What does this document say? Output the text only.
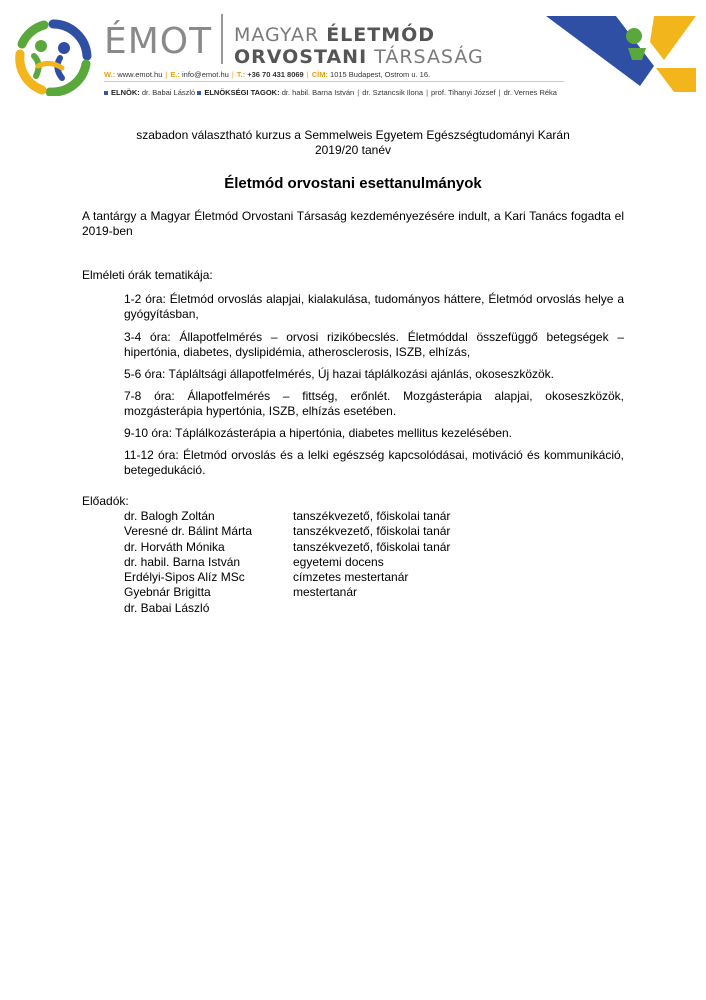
ÉMOT MAGYAR ÉLETMÓD
ORVOSTANI TÁRSASÁG
W.: www.emot.hu | E.: info@emot.hu | T.: +36 70 431 8069 | CÍM: 1015 Budapest, Ostrom u. 16.
ELNÖK: dr. Babai László ELNÖKSÉGI TAGOK: dr. habil. Barna István | dr. Sztancsik Ilona | prof. Tihanyi József | dr. Vernes Réka
szabadon választható kurzus a Semmelweis Egyetem Egészségtudományi Karán
2019/20 tanév
Életmód orvostani esettanulmányok
A tantárgy a Magyar Életmód Orvostani Társaság kezdeményezésére indult, a Kari Tanács fogadta el 2019-ben
Elméleti órák tematikája:
1-2 óra: Életmód orvoslás alapjai, kialakulása, tudományos háttere, Életmód orvoslás helye a gyógyításban,
3-4 óra: Állapotfelmérés – orvosi rizikóbecslés. Életmóddal összefüggő betegségek – hipertónia, diabetes, dyslipidémia, atherosclerosis, ISZB, elhízás,
5-6 óra: Tápláltsági állapotfelmérés, Új hazai táplálkozási ajánlás, okoseszközök.
7-8 óra: Állapotfelmérés – fittség, erőnlét. Mozgásterápia alapjai, okoseszközök, mozgásterápia hypertónia, ISZB, elhízás esetében.
9-10 óra: Táplálkozásterápia a hipertónia, diabetes mellitus kezelésében.
11-12 óra: Életmód orvoslás és a lelki egészség kapcsolódásai, motiváció és kommunikáció, betegedukáció.
Előadók:
dr. Balogh Zoltán	tanszékvezető, főiskolai tanár
Veresné dr. Bálint Márta	tanszékvezető, főiskolai tanár
dr. Horváth Mónika	tanszékvezető, főiskolai tanár
dr. habil. Barna István	egyetemi docens
Erdélyi-Sipos Alíz MSc	címzetes mestertanár
Gyebnár Brigitta	mestertanár
dr. Babai László
